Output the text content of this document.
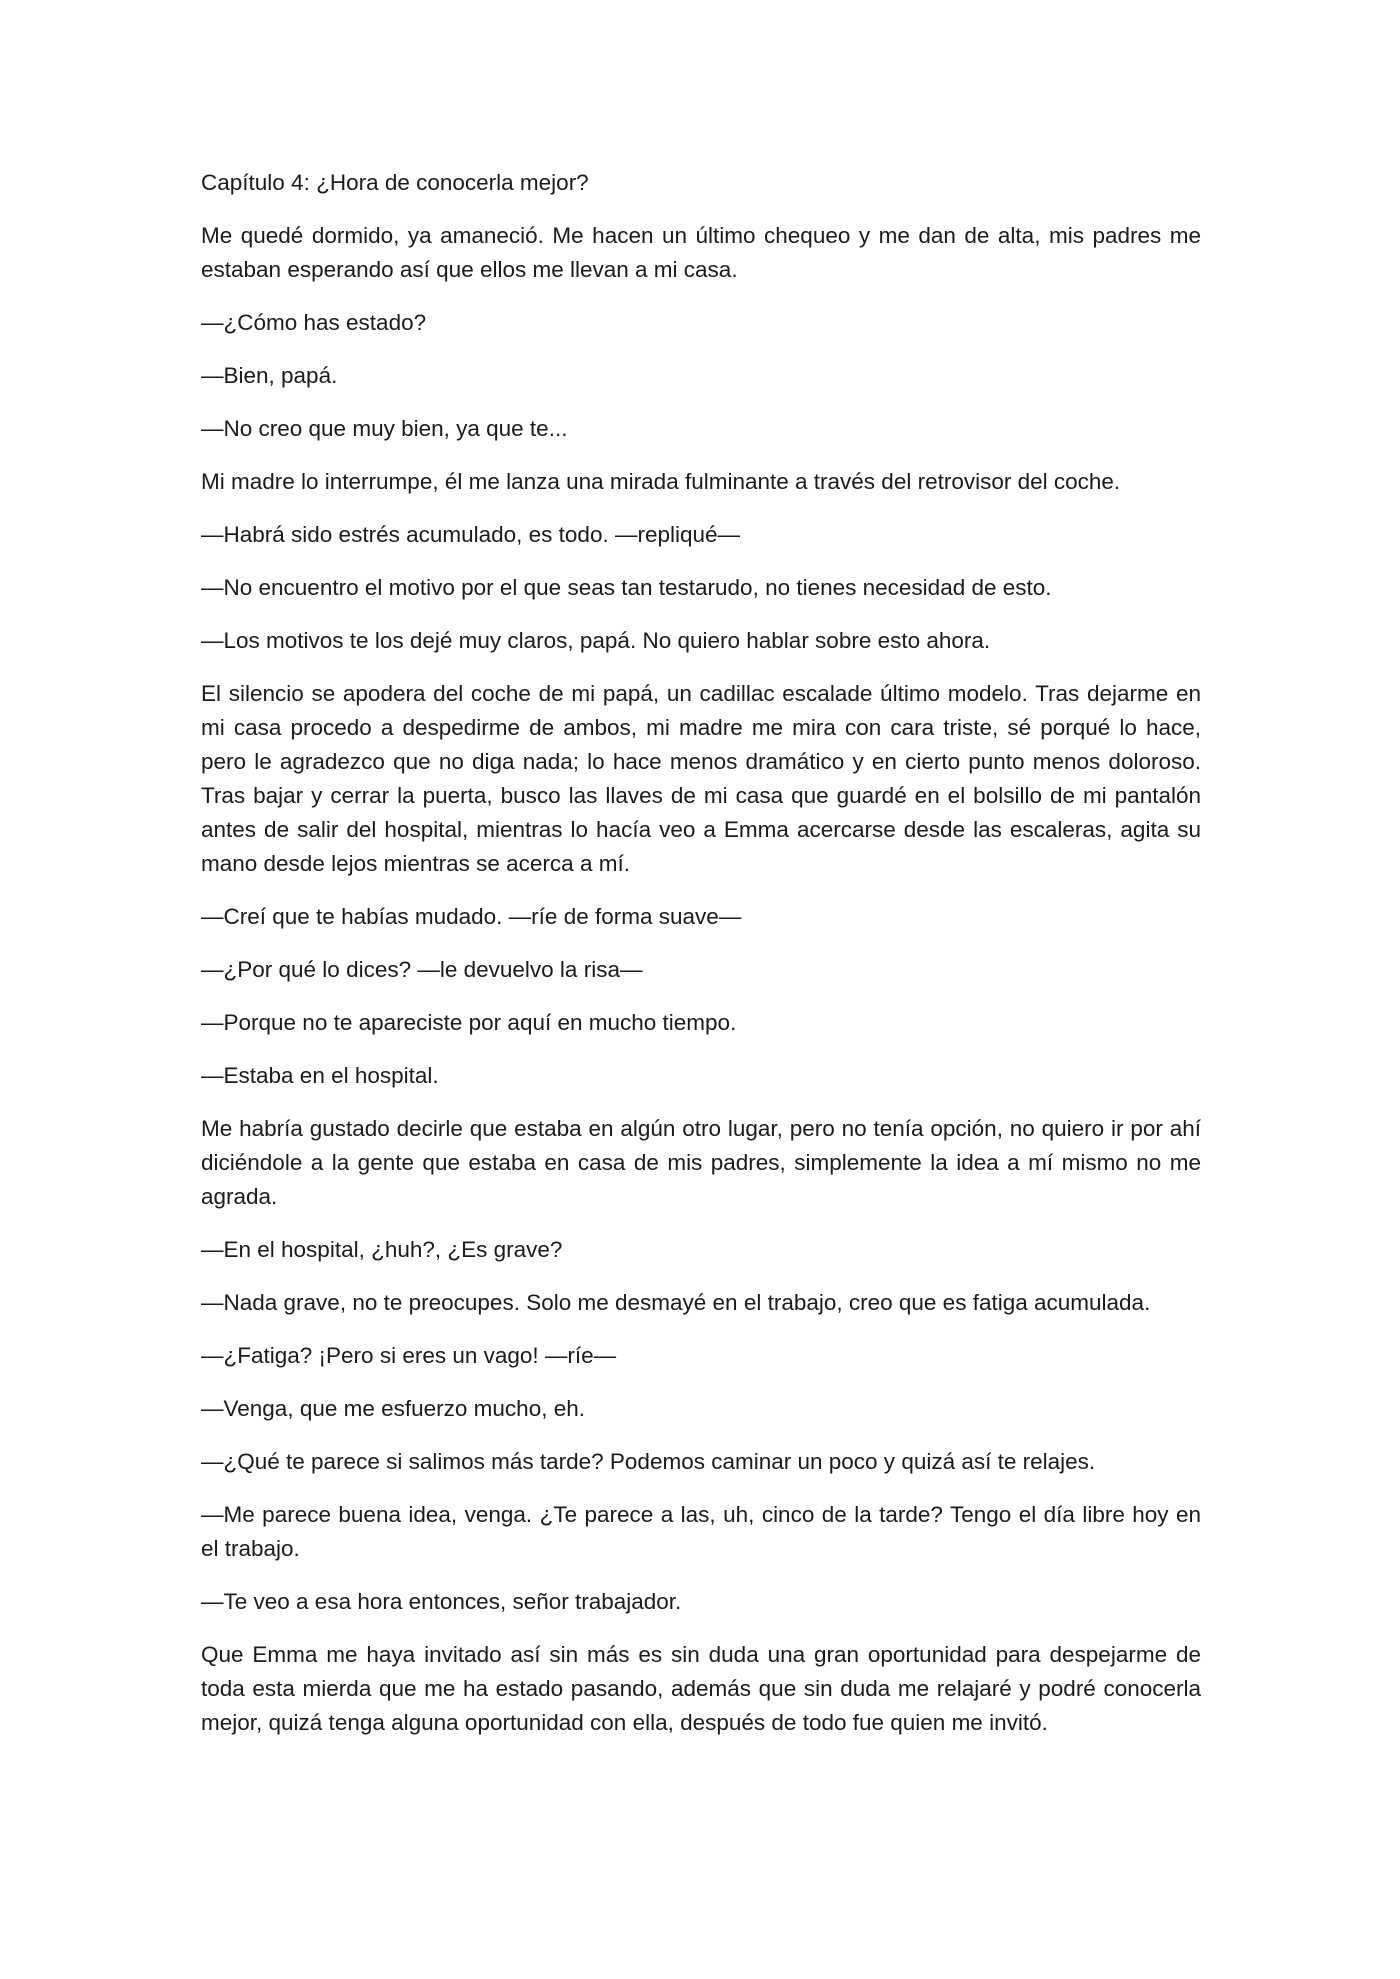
Capítulo 4: ¿Hora de conocerla mejor?

Me quedé dormido, ya amaneció. Me hacen un último chequeo y me dan de alta, mis padres me estaban esperando así que ellos me llevan a mi casa.

—¿Cómo has estado?

—Bien, papá.

—No creo que muy bien, ya que te...

Mi madre lo interrumpe, él me lanza una mirada fulminante a través del retrovisor del coche.

—Habrá sido estrés acumulado, es todo. —repliqué—

—No encuentro el motivo por el que seas tan testarudo, no tienes necesidad de esto.

—Los motivos te los dejé muy claros, papá. No quiero hablar sobre esto ahora.

El silencio se apodera del coche de mi papá, un cadillac escalade último modelo. Tras dejarme en mi casa procedo a despedirme de ambos, mi madre me mira con cara triste, sé porqué lo hace, pero le agradezco que no diga nada; lo hace menos dramático y en cierto punto menos doloroso. Tras bajar y cerrar la puerta, busco las llaves de mi casa que guardé en el bolsillo de mi pantalón antes de salir del hospital, mientras lo hacía veo a Emma acercarse desde las escaleras, agita su mano desde lejos mientras se acerca a mí.

—Creí que te habías mudado. —ríe de forma suave—

—¿Por qué lo dices? —le devuelvo la risa—

—Porque no te apareciste por aquí en mucho tiempo.

—Estaba en el hospital.

Me habría gustado decirle que estaba en algún otro lugar, pero no tenía opción, no quiero ir por ahí diciéndole a la gente que estaba en casa de mis padres, simplemente la idea a mí mismo no me agrada.

—En el hospital, ¿huh?, ¿Es grave?

—Nada grave, no te preocupes. Solo me desmayé en el trabajo, creo que es fatiga acumulada.

—¿Fatiga? ¡Pero si eres un vago! —ríe—

—Venga, que me esfuerzo mucho, eh.

—¿Qué te parece si salimos más tarde? Podemos caminar un poco y quizá así te relajes.

—Me parece buena idea, venga. ¿Te parece a las, uh, cinco de la tarde? Tengo el día libre hoy en el trabajo.

—Te veo a esa hora entonces, señor trabajador.

Que Emma me haya invitado así sin más es sin duda una gran oportunidad para despejarme de toda esta mierda que me ha estado pasando, además que sin duda me relajaré y podré conocerla mejor, quizá tenga alguna oportunidad con ella, después de todo fue quien me invitó.
